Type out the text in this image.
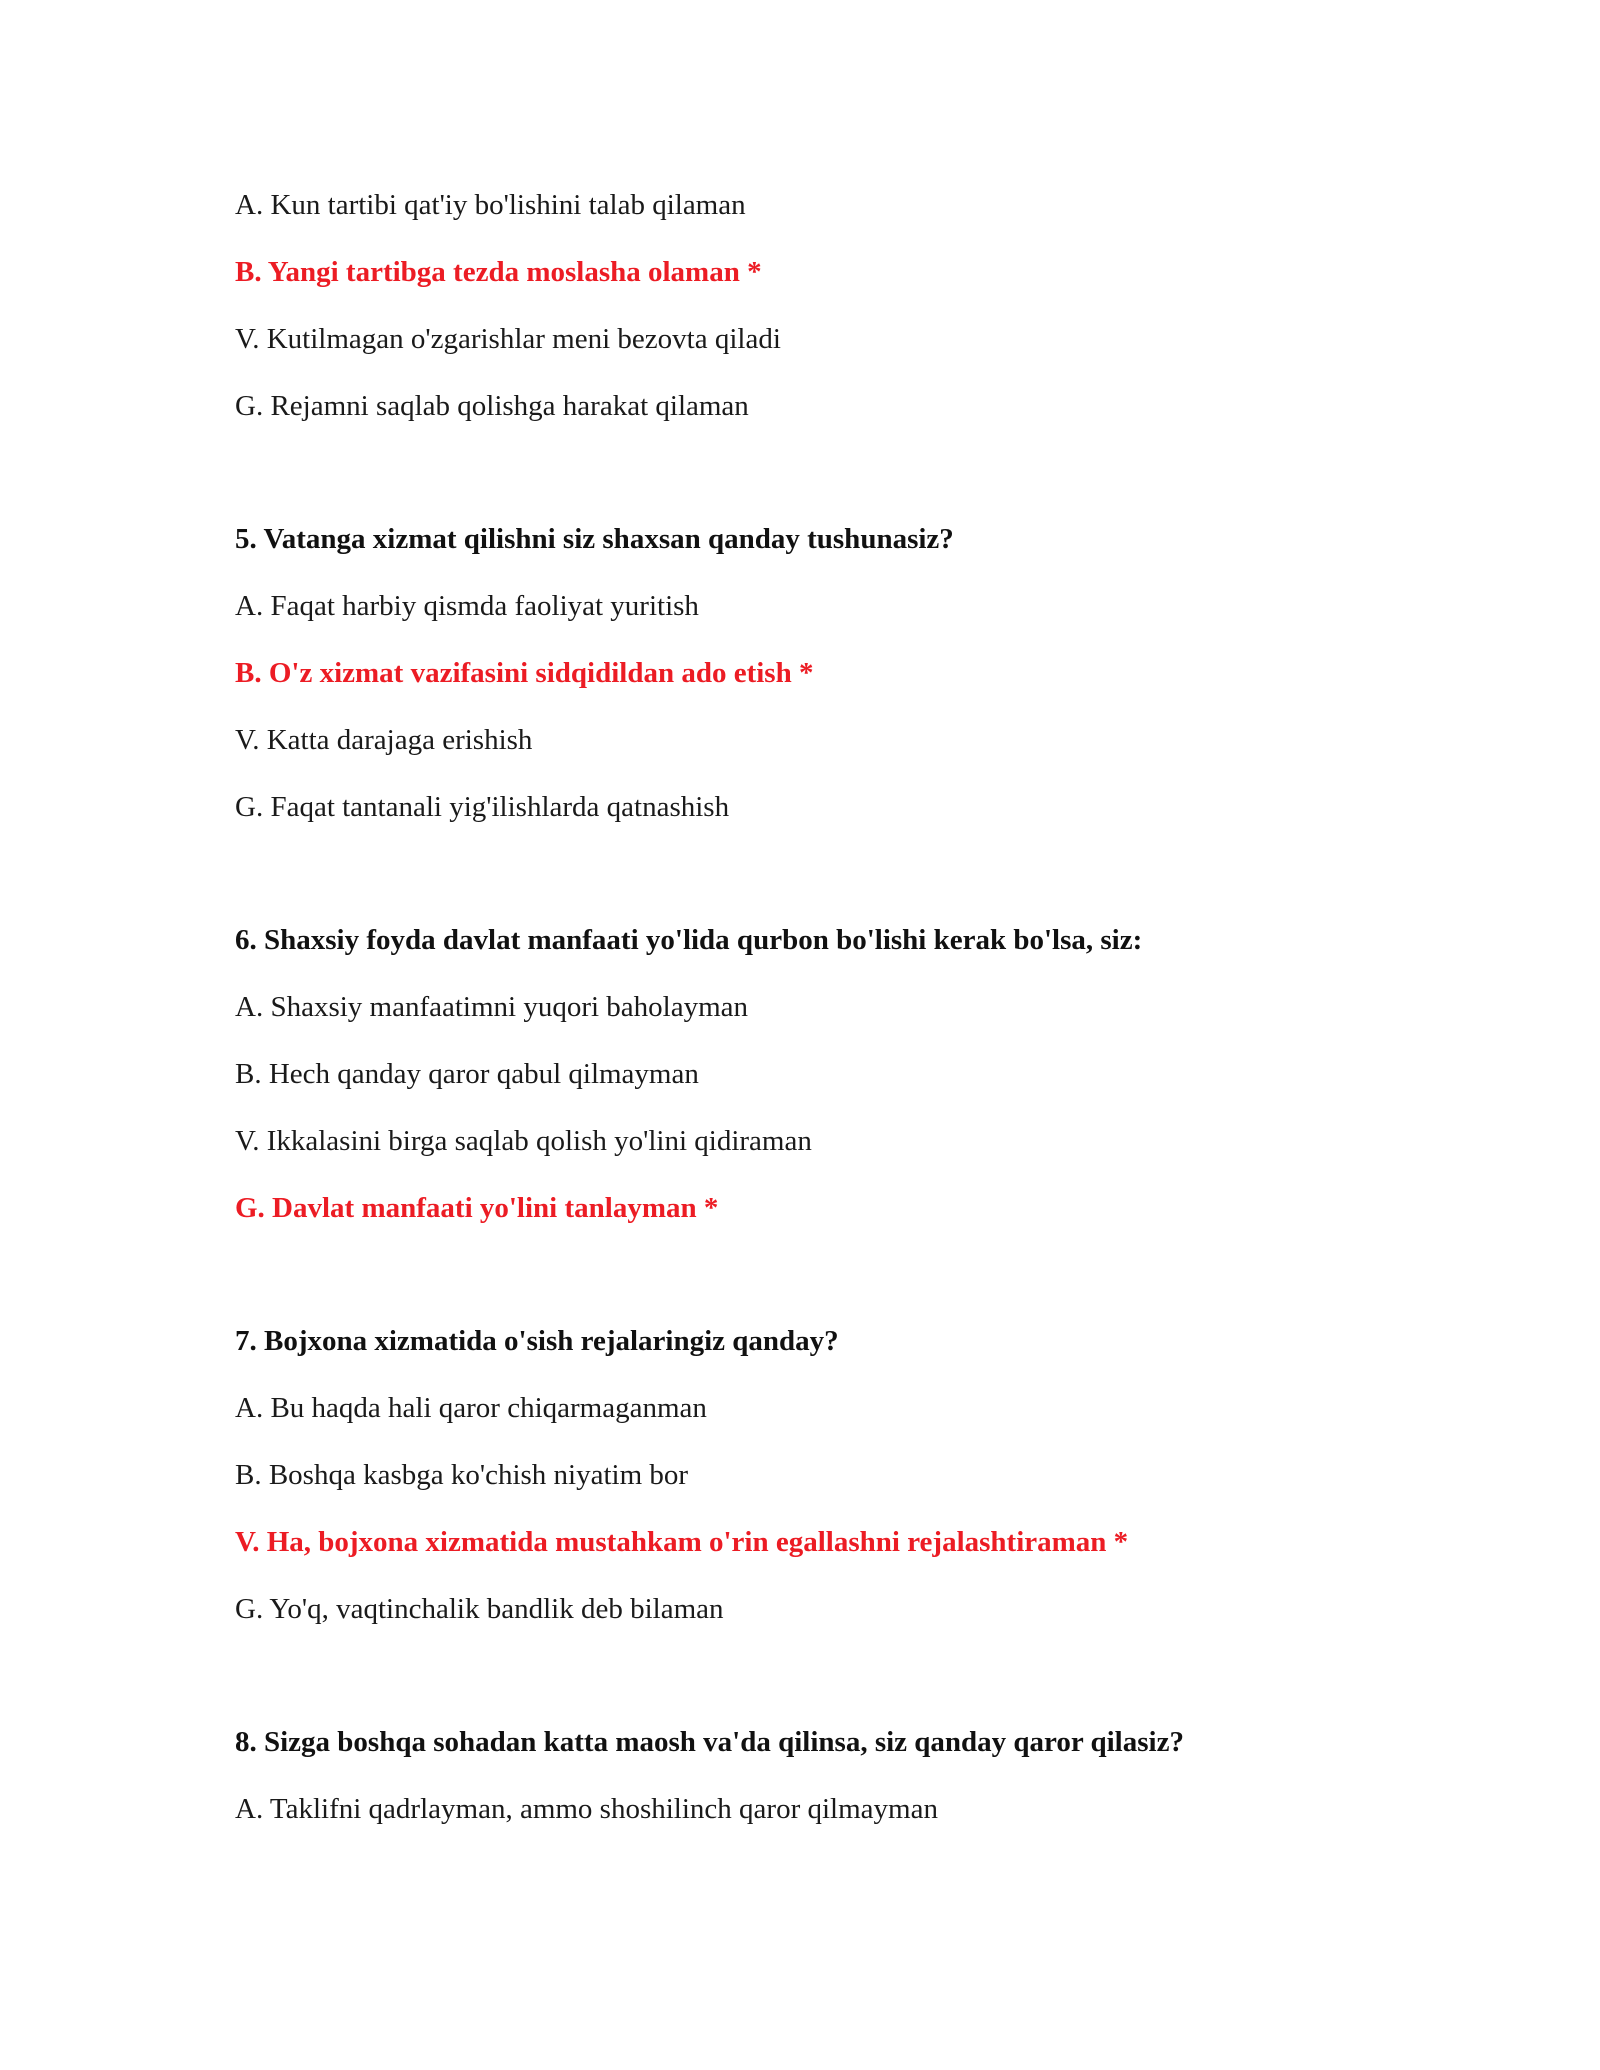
A. Kun tartibi qat'iy bo'lishini talab qilaman
B. Yangi tartibga tezda moslasha olaman *
V. Kutilmagan o'zgarishlar meni bezovta qiladi
G. Rejamni saqlab qolishga harakat qilaman
5. Vatanga xizmat qilishni siz shaxsan qanday tushunasiz?
A. Faqat harbiy qismda faoliyat yuritish
B. O'z xizmat vazifasini sidqidildan ado etish *
V. Katta darajaga erishish
G. Faqat tantanali yig'ilishlarda qatnashish
6. Shaxsiy foyda davlat manfaati yo'lida qurbon bo'lishi kerak bo'lsa, siz:
A. Shaxsiy manfaatimni yuqori baholayman
B. Hech qanday qaror qabul qilmayman
V. Ikkalasini birga saqlab qolish yo'lini qidiraman
G. Davlat manfaati yo'lini tanlayman *
7. Bojxona xizmatida o'sish rejalaringiz qanday?
A. Bu haqda hali qaror chiqarmaganman
B. Boshqa kasbga ko'chish niyatim bor
V. Ha, bojxona xizmatida mustahkam o'rin egallashni rejalashtiraman *
G. Yo'q, vaqtinchalik bandlik deb bilaman
8. Sizga boshqa sohadan katta maosh va'da qilinsa, siz qanday qaror qilasiz?
A. Taklifni qadrlayman, ammo shoshilinch qaror qilmayman
